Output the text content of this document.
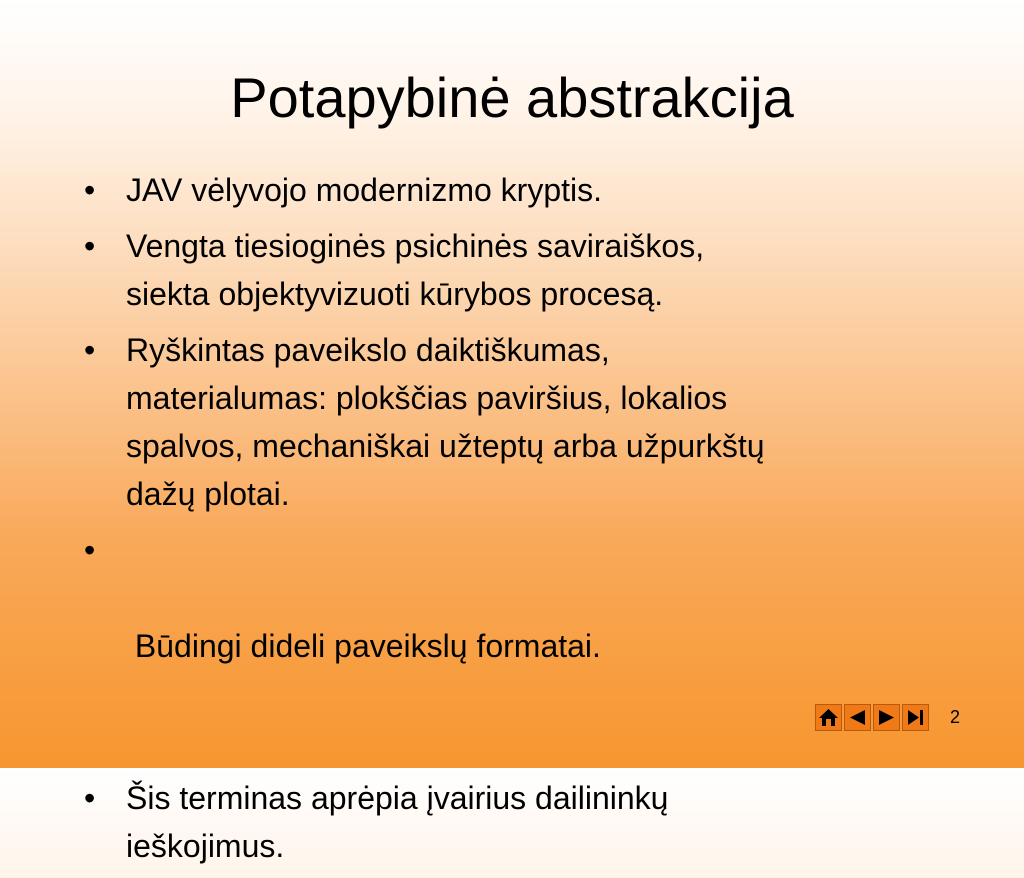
Potapybinė abstrakcija
• JAV vėlyvojo modernizmo kryptis.
• Vengta tiesioginės psichinės saviraiškos,
siekta objektyvizuoti kūrybos procesą.
• Ryškintas paveikslo daiktiškumas,
materialumas: plokščias paviršius, lokalios
spalvos, mechaniškai užteptų arba užpurkštų
dažų plotai.
•

Būdingi dideli paveikslų formatai.

• Šis terminas aprėpia įvairius dailininkų
ieškojimus.
2
